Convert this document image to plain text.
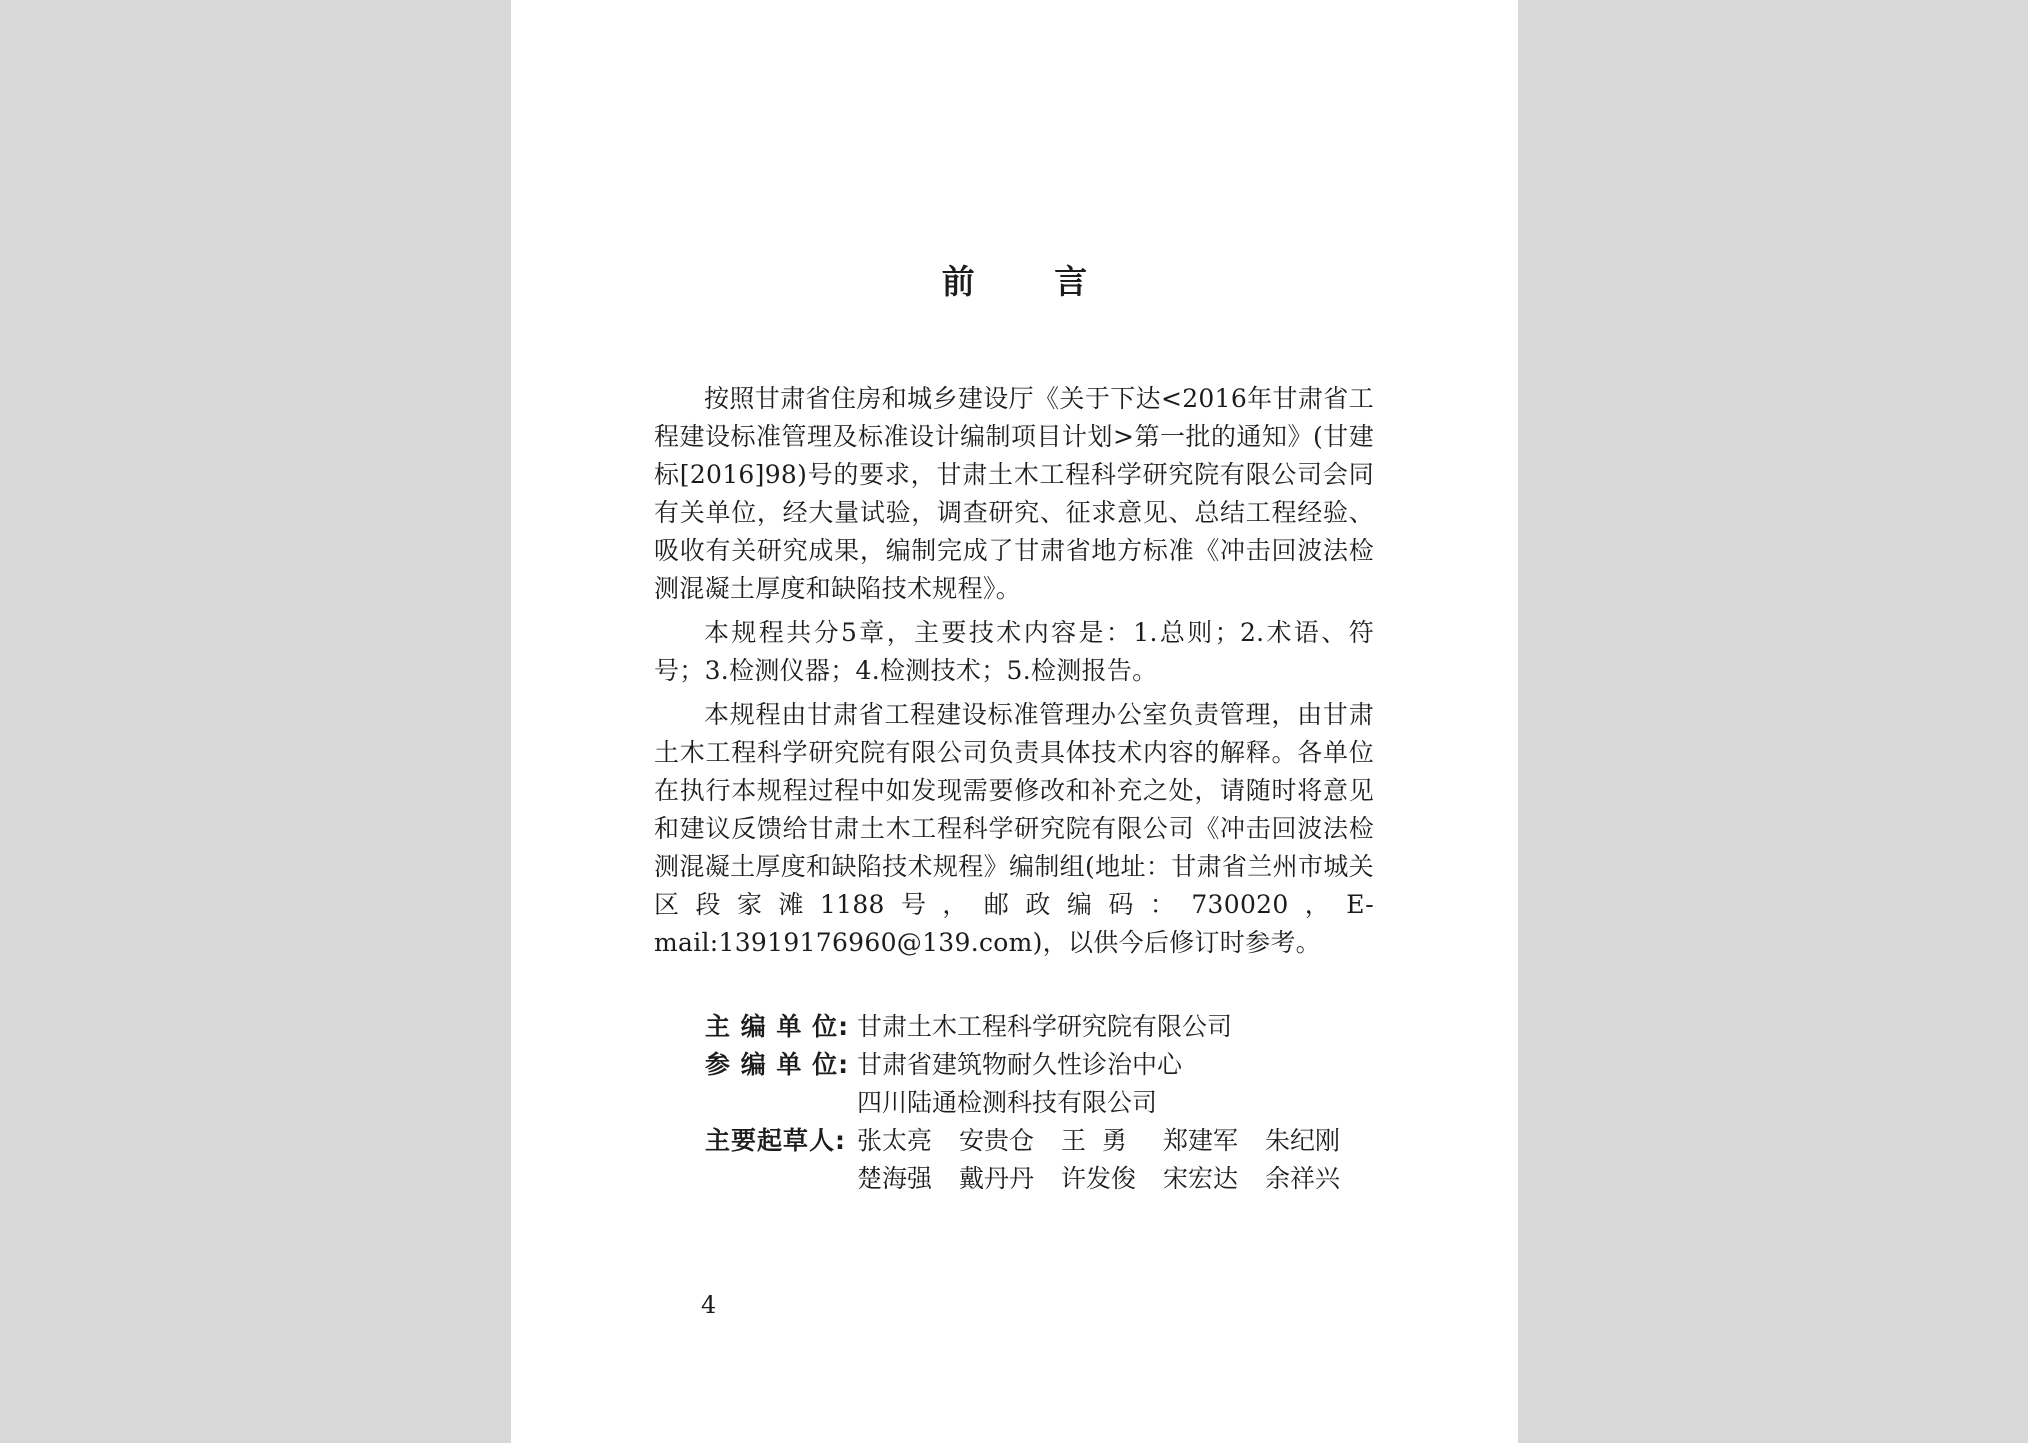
前 言

按照甘肃省住房和城乡建设厅《关于下达<2016年甘肃省工程建设标准管理及标准设计编制项目计划>第一批的通知》(甘建标[2016]98)号的要求，甘肃土木工程科学研究院有限公司会同有关单位，经大量试验，调查研究、征求意见、总结工程经验、吸收有关研究成果，编制完成了甘肃省地方标准《冲击回波法检测混凝土厚度和缺陷技术规程》。

本规程共分5章，主要技术内容是：1.总则；2.术语、符号；3.检测仪器；4.检测技术；5.检测报告。

本规程由甘肃省工程建设标准管理办公室负责管理，由甘肃土木工程科学研究院有限公司负责具体技术内容的解释。各单位在执行本规程过程中如发现需要修改和补充之处，请随时将意见和建议反馈给甘肃土木工程科学研究院有限公司《冲击回波法检测混凝土厚度和缺陷技术规程》编制组(地址：甘肃省兰州市城关区段家滩1188号，邮政编码：730020，E-mail:13919176960@139.com)，以供今后修订时参考。

主 编 单 位: 甘肃土木工程科学研究院有限公司
参 编 单 位: 甘肃省建筑物耐久性诊治中心
四川陆通检测科技有限公司
主要起草人: 张太亮	安贵仓	王  勇	郑建军	朱纪刚
楚海强	戴丹丹	许发俊	宋宏达	余祥兴
4
